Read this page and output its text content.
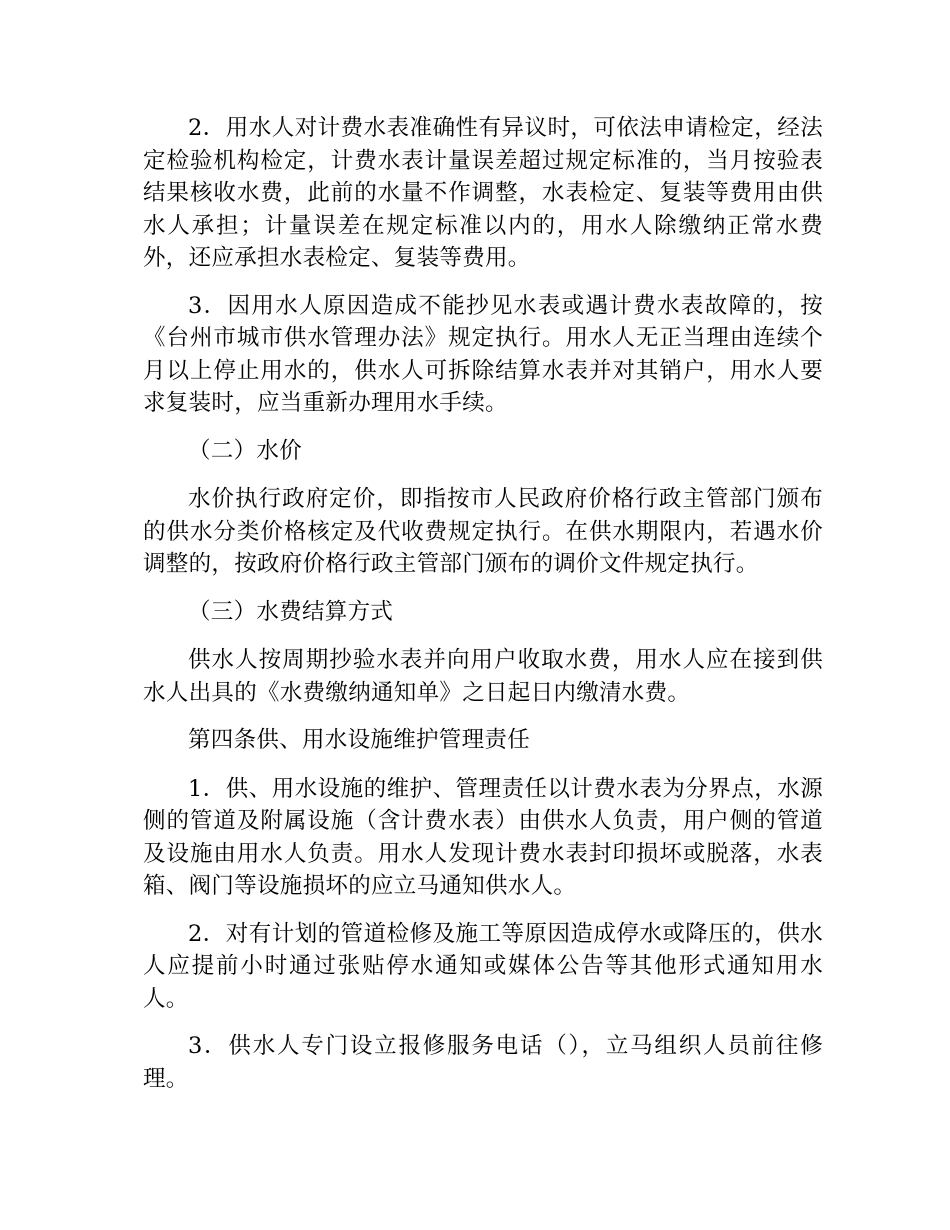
2．用水人对计费水表准确性有异议时，可依法申请检定，经法定检验机构检定，计费水表计量误差超过规定标准的，当月按验表结果核收水费，此前的水量不作调整，水表检定、复装等费用由供水人承担；计量误差在规定标准以内的，用水人除缴纳正常水费外，还应承担水表检定、复装等费用。

3．因用水人原因造成不能抄见水表或遇计费水表故障的，按《台州市城市供水管理办法》规定执行。用水人无正当理由连续个月以上停止用水的，供水人可拆除结算水表并对其销户，用水人要求复装时，应当重新办理用水手续。

（二）水价

水价执行政府定价，即指按市人民政府价格行政主管部门颁布的供水分类价格核定及代收费规定执行。在供水期限内，若遇水价调整的，按政府价格行政主管部门颁布的调价文件规定执行。

（三）水费结算方式

供水人按周期抄验水表并向用户收取水费，用水人应在接到供水人出具的《水费缴纳通知单》之日起日内缴清水费。

第四条供、用水设施维护管理责任

1．供、用水设施的维护、管理责任以计费水表为分界点，水源侧的管道及附属设施（含计费水表）由供水人负责，用户侧的管道及设施由用水人负责。用水人发现计费水表封印损坏或脱落，水表箱、阀门等设施损坏的应立马通知供水人。

2．对有计划的管道检修及施工等原因造成停水或降压的，供水人应提前小时通过张贴停水通知或媒体公告等其他形式通知用水人。

3．供水人专门设立报修服务电话（），立马组织人员前往修理。
